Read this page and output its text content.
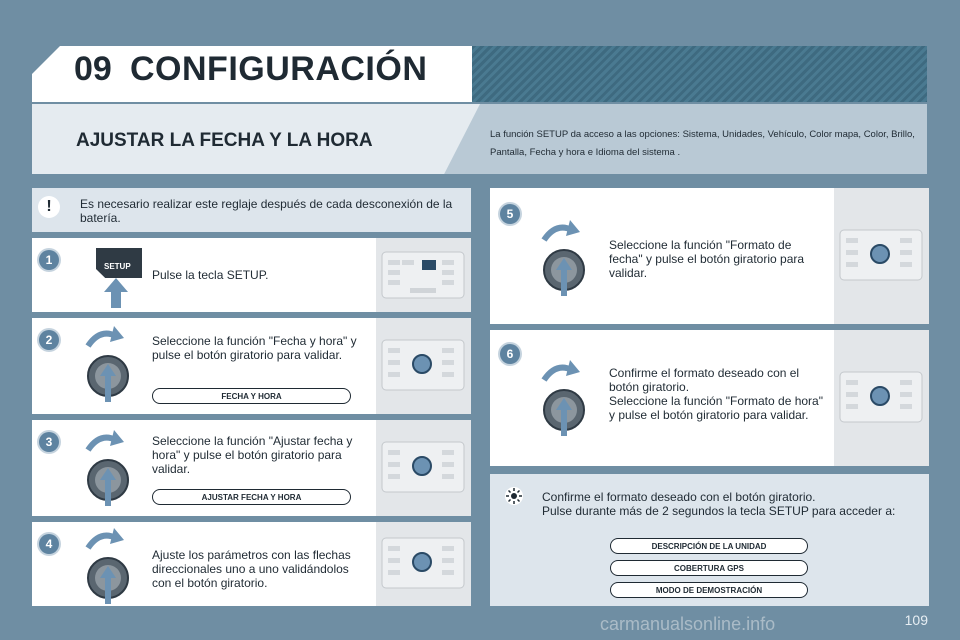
09 CONFIGURACIÓN
AJUSTAR LA FECHA Y LA HORA	La función SETUP da acceso a las opciones: Sistema, Unidades, Vehículo, Color mapa, Color, Brillo, Pantalla, Fecha y hora e Idioma del sistema .
!	Es necesario realizar este reglaje después de cada desconexión de la batería.
1	SETUP
Pulse la tecla SETUP.
2	Seleccione la función "Fecha y hora" y pulse el botón giratorio para validar.
FECHA Y HORA
3	Seleccione la función "Ajustar fecha y hora" y pulse el botón giratorio para validar.
AJUSTAR FECHA Y HORA
4
Ajuste los parámetros con las flechas direccionales uno a uno validándolos con el botón giratorio.
5
Seleccione la función "Formato de fecha" y pulse el botón giratorio para validar.
6
Confirme el formato deseado con el botón giratorio.
Seleccione la función "Formato de hora" y pulse el botón giratorio para validar.
Confirme el formato deseado con el botón giratorio.
Pulse durante más de 2 segundos la tecla SETUP para acceder a:
DESCRIPCIÓN DE LA UNIDAD
COBERTURA GPS
MODO DE DEMOSTRACIÓN
carmanualsonline.info	109
